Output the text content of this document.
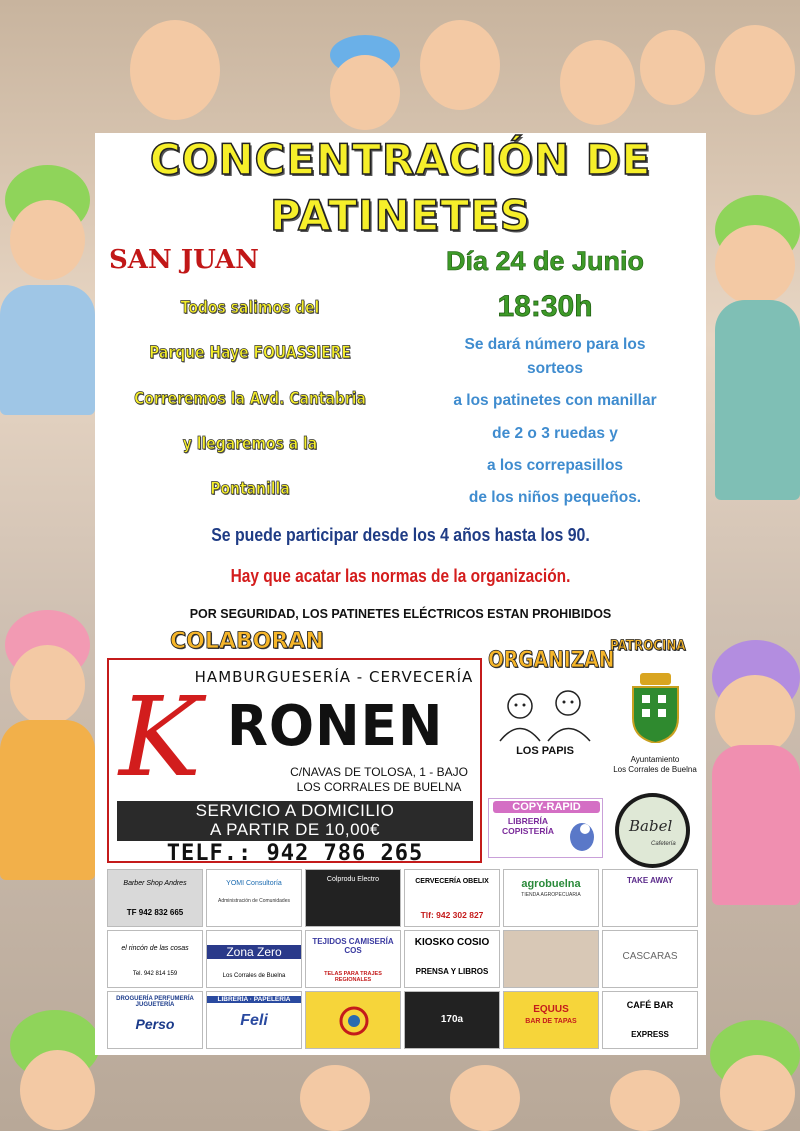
CONCENTRACIÓN DE
PATINETES
SAN JUAN
Todos salimos del
Parque Haye FOUASSIERE
Correremos la Avd. Cantabria
y llegaremos a la
Pontanilla
Día 24 de Junio
18:30h
Se dará número para los
sorteos
a los patinetes con manillar
de 2 o 3 ruedas y
a los correpasillos
de los niños pequeños.
Se puede participar desde los 4 años hasta los 90.
Hay que acatar las normas de la organización.
POR SEGURIDAD, LOS PATINETES ELÉCTRICOS ESTAN PROHIBIDOS
COLABORAN
ORGANIZAN
PATROCINA
HAMBURGUESERÍA - CERVECERÍA
K RONEN
C/NAVAS DE TOLOSA, 1 - BAJO
LOS CORRALES DE BUELNA
SERVICIO A DOMICILIO
A PARTIR DE 10,00€
TELF.: 942 786 265
LOS PAPIS
Ayuntamiento
Los Corrales de Buelna
COPY-RAPID
LIBRERÍA
COPISTERÍA	Babel
Cafetería
Barber Shop Andres
TF 942 832 665
YOMI Consultoría
Administración de Comunidades
Colprodu Electro	CERVECERÍA OBELIX
Tlf: 942 302 827
agrobuelna
TIENDA AGROPECUARIA
TAKE AWAY
el rincón de las cosas
Tel. 942 814 159
Zona Zero
Los Corrales de Buelna
TEJIDOS CAMISERÍA COS
TELAS PARA TRAJES REGIONALES
KIOSKO COSIO
PRENSA Y LIBROS
CASCARAS
DROGUERÍA PERFUMERÍA JUGUETERÍA
Perso
LIBRERÍA · PAPELERÍA
Feli	170a
EQUUS
BAR DE TAPAS
CAFÉ BAR
EXPRESS
